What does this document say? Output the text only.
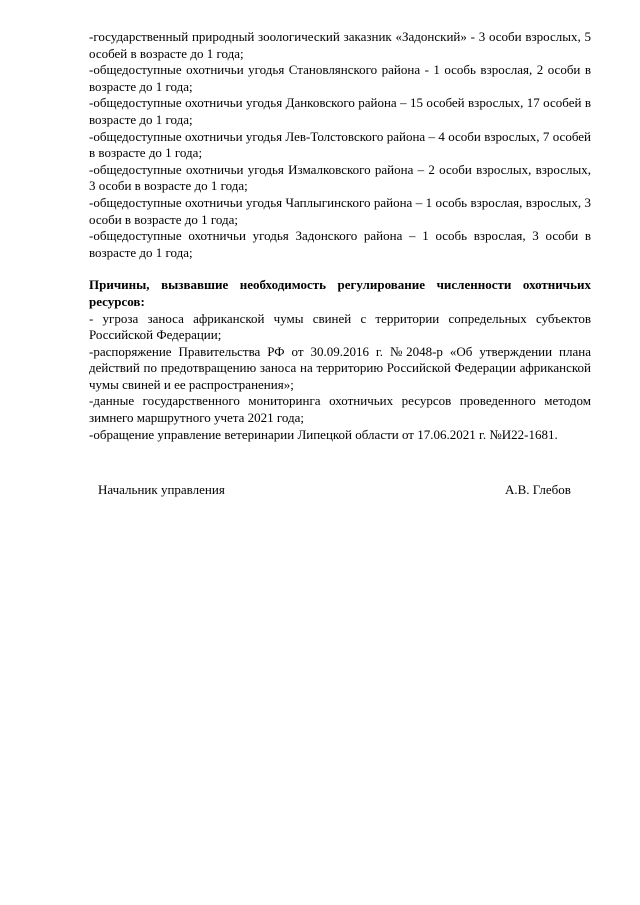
-государственный природный зоологический заказник «Задонский» - 3 особи взрослых, 5 особей в возрасте до 1 года;

-общедоступные охотничьи угодья Становлянского района - 1 особь взрослая, 2 особи в возрасте до 1 года;

-общедоступные охотничьи угодья Данковского района – 15 особей взрослых, 17 особей в возрасте до 1 года;

-общедоступные охотничьи угодья Лев-Толстовского района – 4 особи взрослых, 7 особей в возрасте до 1 года;

-общедоступные охотничьи угодья Измалковского района – 2 особи взрослых, взрослых, 3 особи в возрасте до 1 года;

-общедоступные охотничьи угодья Чаплыгинского района – 1 особь взрослая, взрослых, 3 особи в возрасте до 1 года;

-общедоступные охотничьи угодья Задонского района – 1 особь взрослая, 3 особи в возрасте до 1 года;

Причины, вызвавшие необходимость регулирование численности охотничьих ресурсов:

- угроза заноса африканской чумы свиней с территории сопредельных субъектов Российской Федерации;

-распоряжение Правительства РФ от 30.09.2016 г. №2048-р «Об утверждении плана действий по предотвращению заноса на территорию Российской Федерации африканской чумы свиней и ее распространения»;

-данные государственного мониторинга охотничьих ресурсов проведенного методом зимнего маршрутного учета 2021 года;

-обращение управление ветеринарии Липецкой области от 17.06.2021 г. №И22-1681.

Начальник управления	А.В. Глебов
